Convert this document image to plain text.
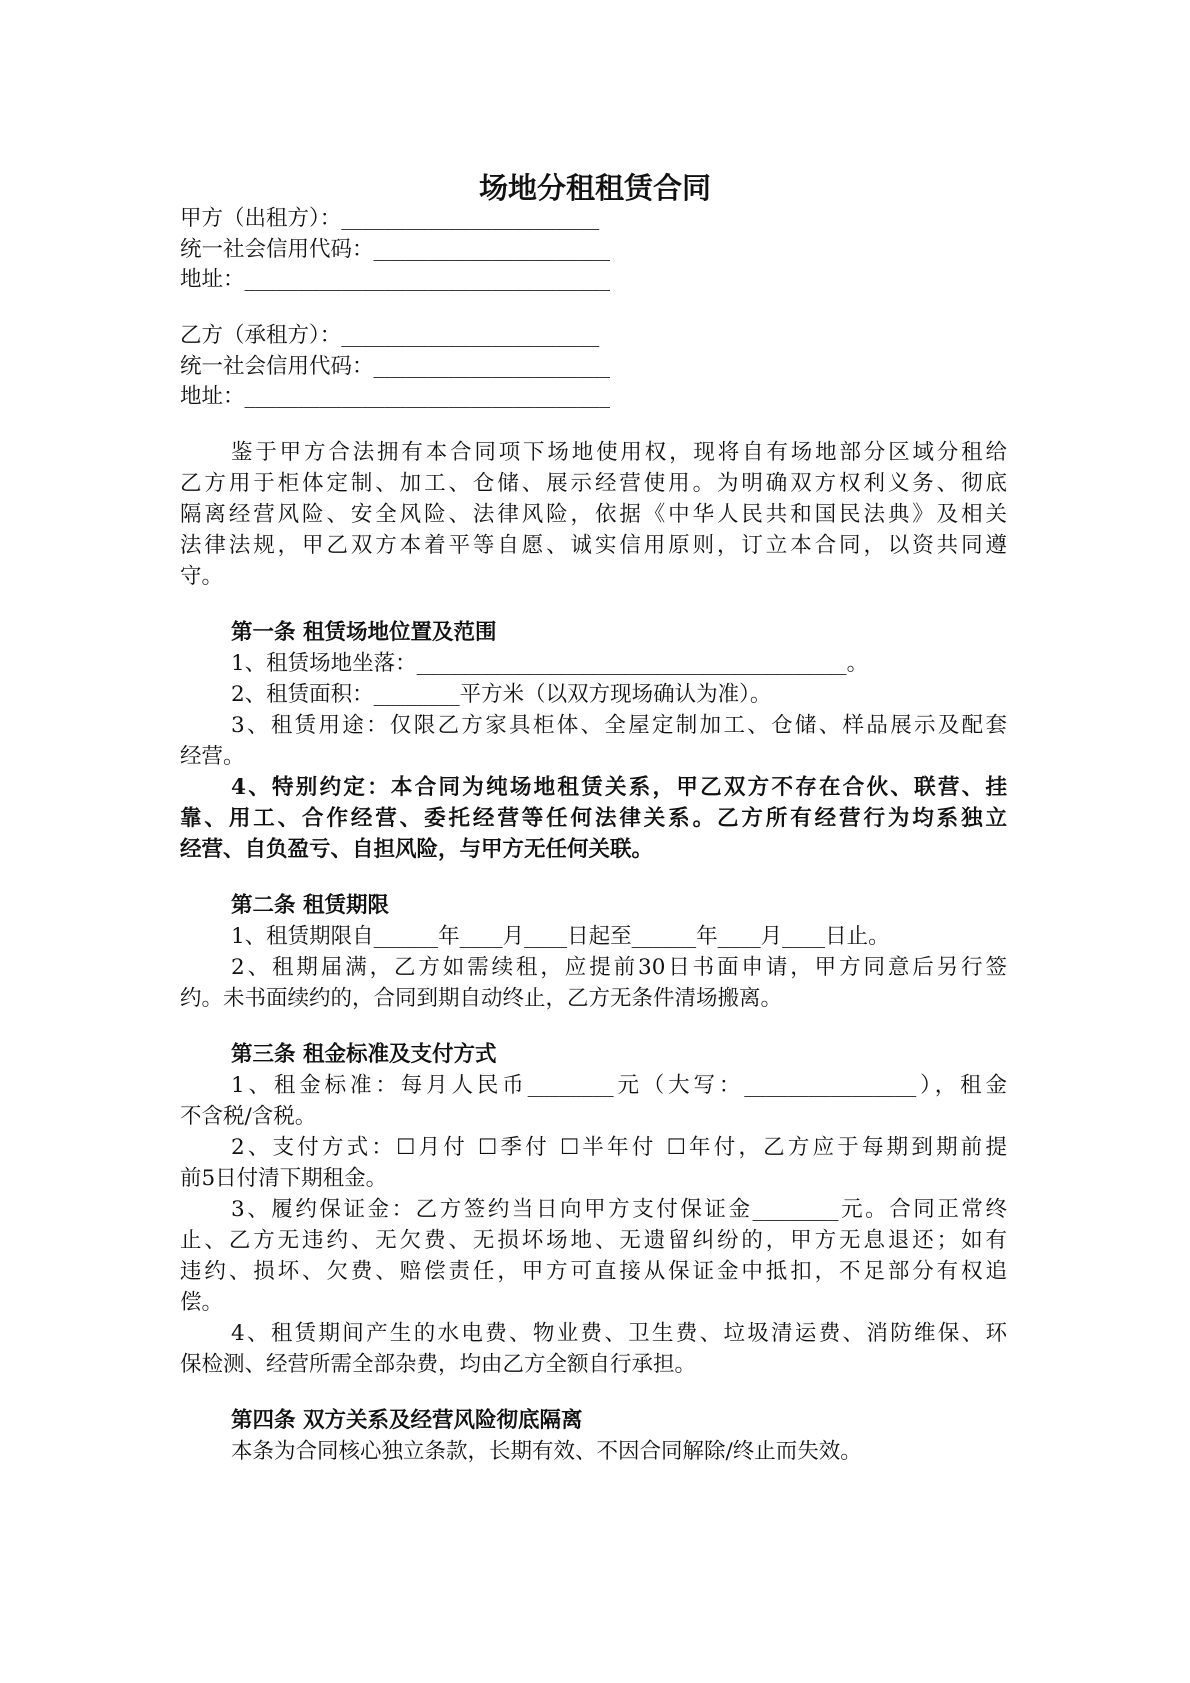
场地分租租赁合同
甲方（出租方）：________________________
统一社会信用代码：______________________
地址：__________________________________
乙方（承租方）：________________________
统一社会信用代码：______________________
地址：__________________________________
鉴于甲方合法拥有本合同项下场地使用权，现将自有场地部分区域分租给
乙方用于柜体定制、加工、仓储、展示经营使用。为明确双方权利义务、彻底
隔离经营风险、安全风险、法律风险，依据《中华人民共和国民法典》及相关
法律法规，甲乙双方本着平等自愿、诚实信用原则，订立本合同，以资共同遵
守。
第一条 租赁场地位置及范围
1、租赁场地坐落：________________________________________。
2、租赁面积：________平方米（以双方现场确认为准）。
3、租赁用途：仅限乙方家具柜体、全屋定制加工、仓储、样品展示及配套
经营。
4、特别约定：本合同为纯场地租赁关系，甲乙双方不存在合伙、联营、挂
靠、用工、合作经营、委托经营等任何法律关系。乙方所有经营行为均系独立
经营、自负盈亏、自担风险，与甲方无任何关联。
第二条 租赁期限
1、租赁期限自______年____月____日起至______年____月____日止。
2、租期届满，乙方如需续租，应提前30日书面申请，甲方同意后另行签
约。未书面续约的，合同到期自动终止，乙方无条件清场搬离。
第三条 租金标准及支付方式
1、租金标准：每月人民币________元（大写：________________），租金
不含税/含税。
2、支付方式：☐月付 ☐季付 ☐半年付 ☐年付，乙方应于每期到期前提
前5日付清下期租金。
3、履约保证金：乙方签约当日向甲方支付保证金________元。合同正常终
止、乙方无违约、无欠费、无损坏场地、无遗留纠纷的，甲方无息退还；如有
违约、损坏、欠费、赔偿责任，甲方可直接从保证金中抵扣，不足部分有权追
偿。
4、租赁期间产生的水电费、物业费、卫生费、垃圾清运费、消防维保、环
保检测、经营所需全部杂费，均由乙方全额自行承担。
第四条 双方关系及经营风险彻底隔离
本条为合同核心独立条款，长期有效、不因合同解除/终止而失效。
